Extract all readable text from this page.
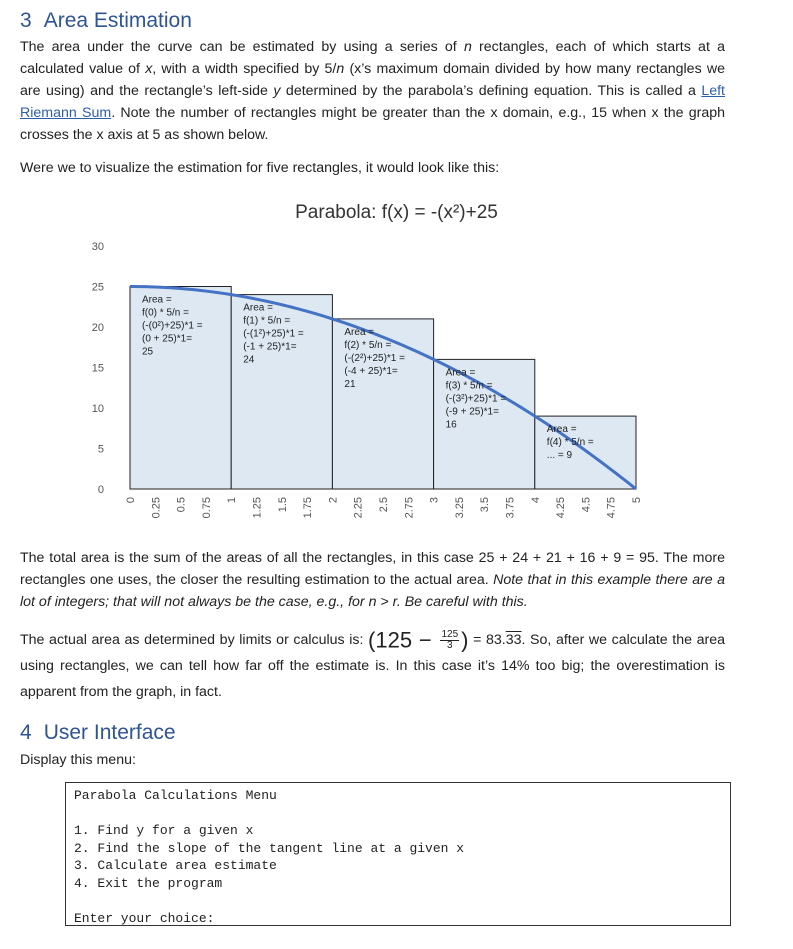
3 Area Estimation

The area under the curve can be estimated by using a series of n rectangles, each of which starts at a calculated value of x, with a width specified by 5/n (x’s maximum domain divided by how many rectangles we are using) and the rectangle’s left-side y determined by the parabola’s defining equation. This is called a Left Riemann Sum. Note the number of rectangles might be greater than the x domain, e.g., 15 when x the graph crosses the x axis at 5 as shown below.

Were we to visualize the estimation for five rectangles, it would look like this:

Parabola: f(x) = -(x²)+25
0
5
10
15
20
25
30
Area =
f(0) * 5/n =
(-(0²)+25)*1 =
(0 + 25)*1=
25
Area =
f(1) * 5/n =
(-(1²)+25)*1 =
(-1 + 25)*1=
24
Area =
f(2) * 5/n =
(-(2²)+25)*1 =
(-4 + 25)*1=
21
Area =
f(3) * 5/n =
(-(3²)+25)*1 =
(-9 + 25)*1=
16	Area =
f(4) * 5/n =
... = 9
0 0.25 0.5 0.75 1 1.25 1.5 1.75 2 2.25 2.5 2.75 3 3.25 3.5 3.75 4 4.25 4.5 4.75 5

The total area is the sum of the areas of all the rectangles, in this case 25 + 24 + 21 + 16 + 9 = 95. The more rectangles one uses, the closer the resulting estimation to the actual area. Note that in this example there are a lot of integers; that will not always be the case, e.g., for n > r. Be careful with this.

The actual area as determined by limits or calculus is: ($125 - \frac{125}{3}$ ) = 83.33. So, after we calculate the area using rectangles, we can tell how far off the estimate is. In this case it’s 14% too big; the overestimation is apparent from the graph, in fact.

4 User Interface

Display this menu:

Parabola Calculations Menu
1. Find y for a given x
2. Find the slope of the tangent line at a given x
3. Calculate area estimate
4. Exit the program
Enter your choice:
